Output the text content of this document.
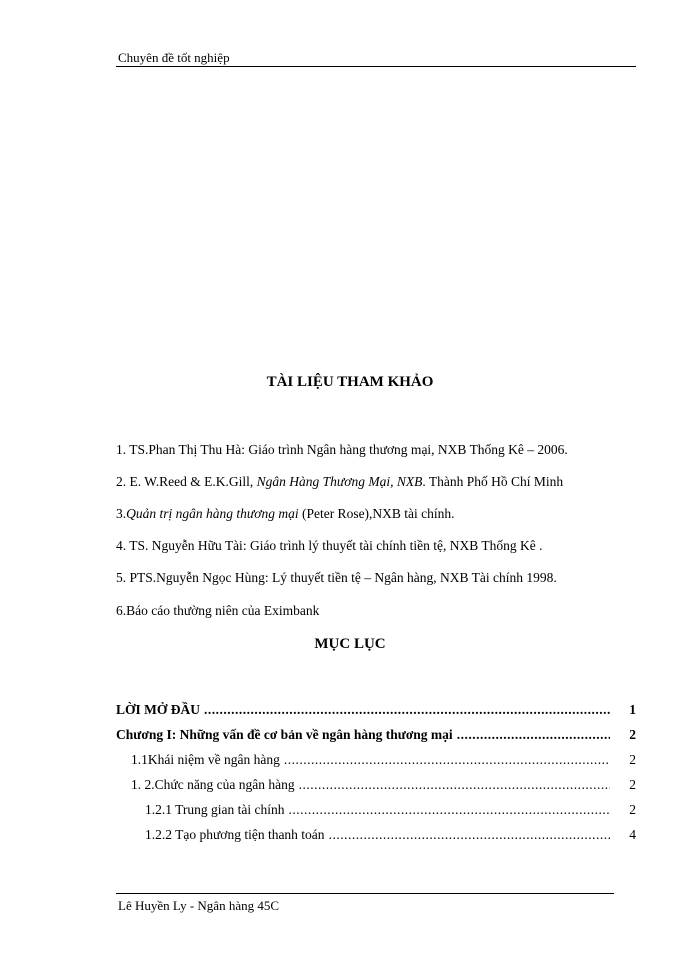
Chuyên đề tốt nghiệp
TÀI LIỆU THAM KHẢO
1. TS.Phan Thị Thu Hà: Giáo trình Ngân hàng thương mại, NXB Thống Kê – 2006.
2. E. W.Reed & E.K.Gill, Ngân Hàng Thương Mại, NXB. Thành Phố Hồ Chí Minh
3.Quản trị ngân hàng thương mại (Peter Rose),NXB tài chính.
4. TS. Nguyễn Hữu Tài: Giáo trình lý thuyết tài chính tiền tệ, NXB Thống Kê .
5. PTS.Nguyễn Ngọc Hùng: Lý thuyết tiền tệ – Ngân hàng, NXB Tài chính 1998.
6.Báo cáo thường niên của Eximbank
MỤC LỤC
LỜI MỞ ĐẦU .....	1
Chương I: Những vấn đề cơ bản về ngân hàng thương mại .....	2
1.1Khái niệm về ngân hàng .....	2
1. 2.Chức năng của ngân hàng .....	2
1.2.1 Trung gian tài chính .....	2
1.2.2 Tạo phương tiện thanh toán .....	4
Lê Huyền Ly - Ngân hàng 45C
